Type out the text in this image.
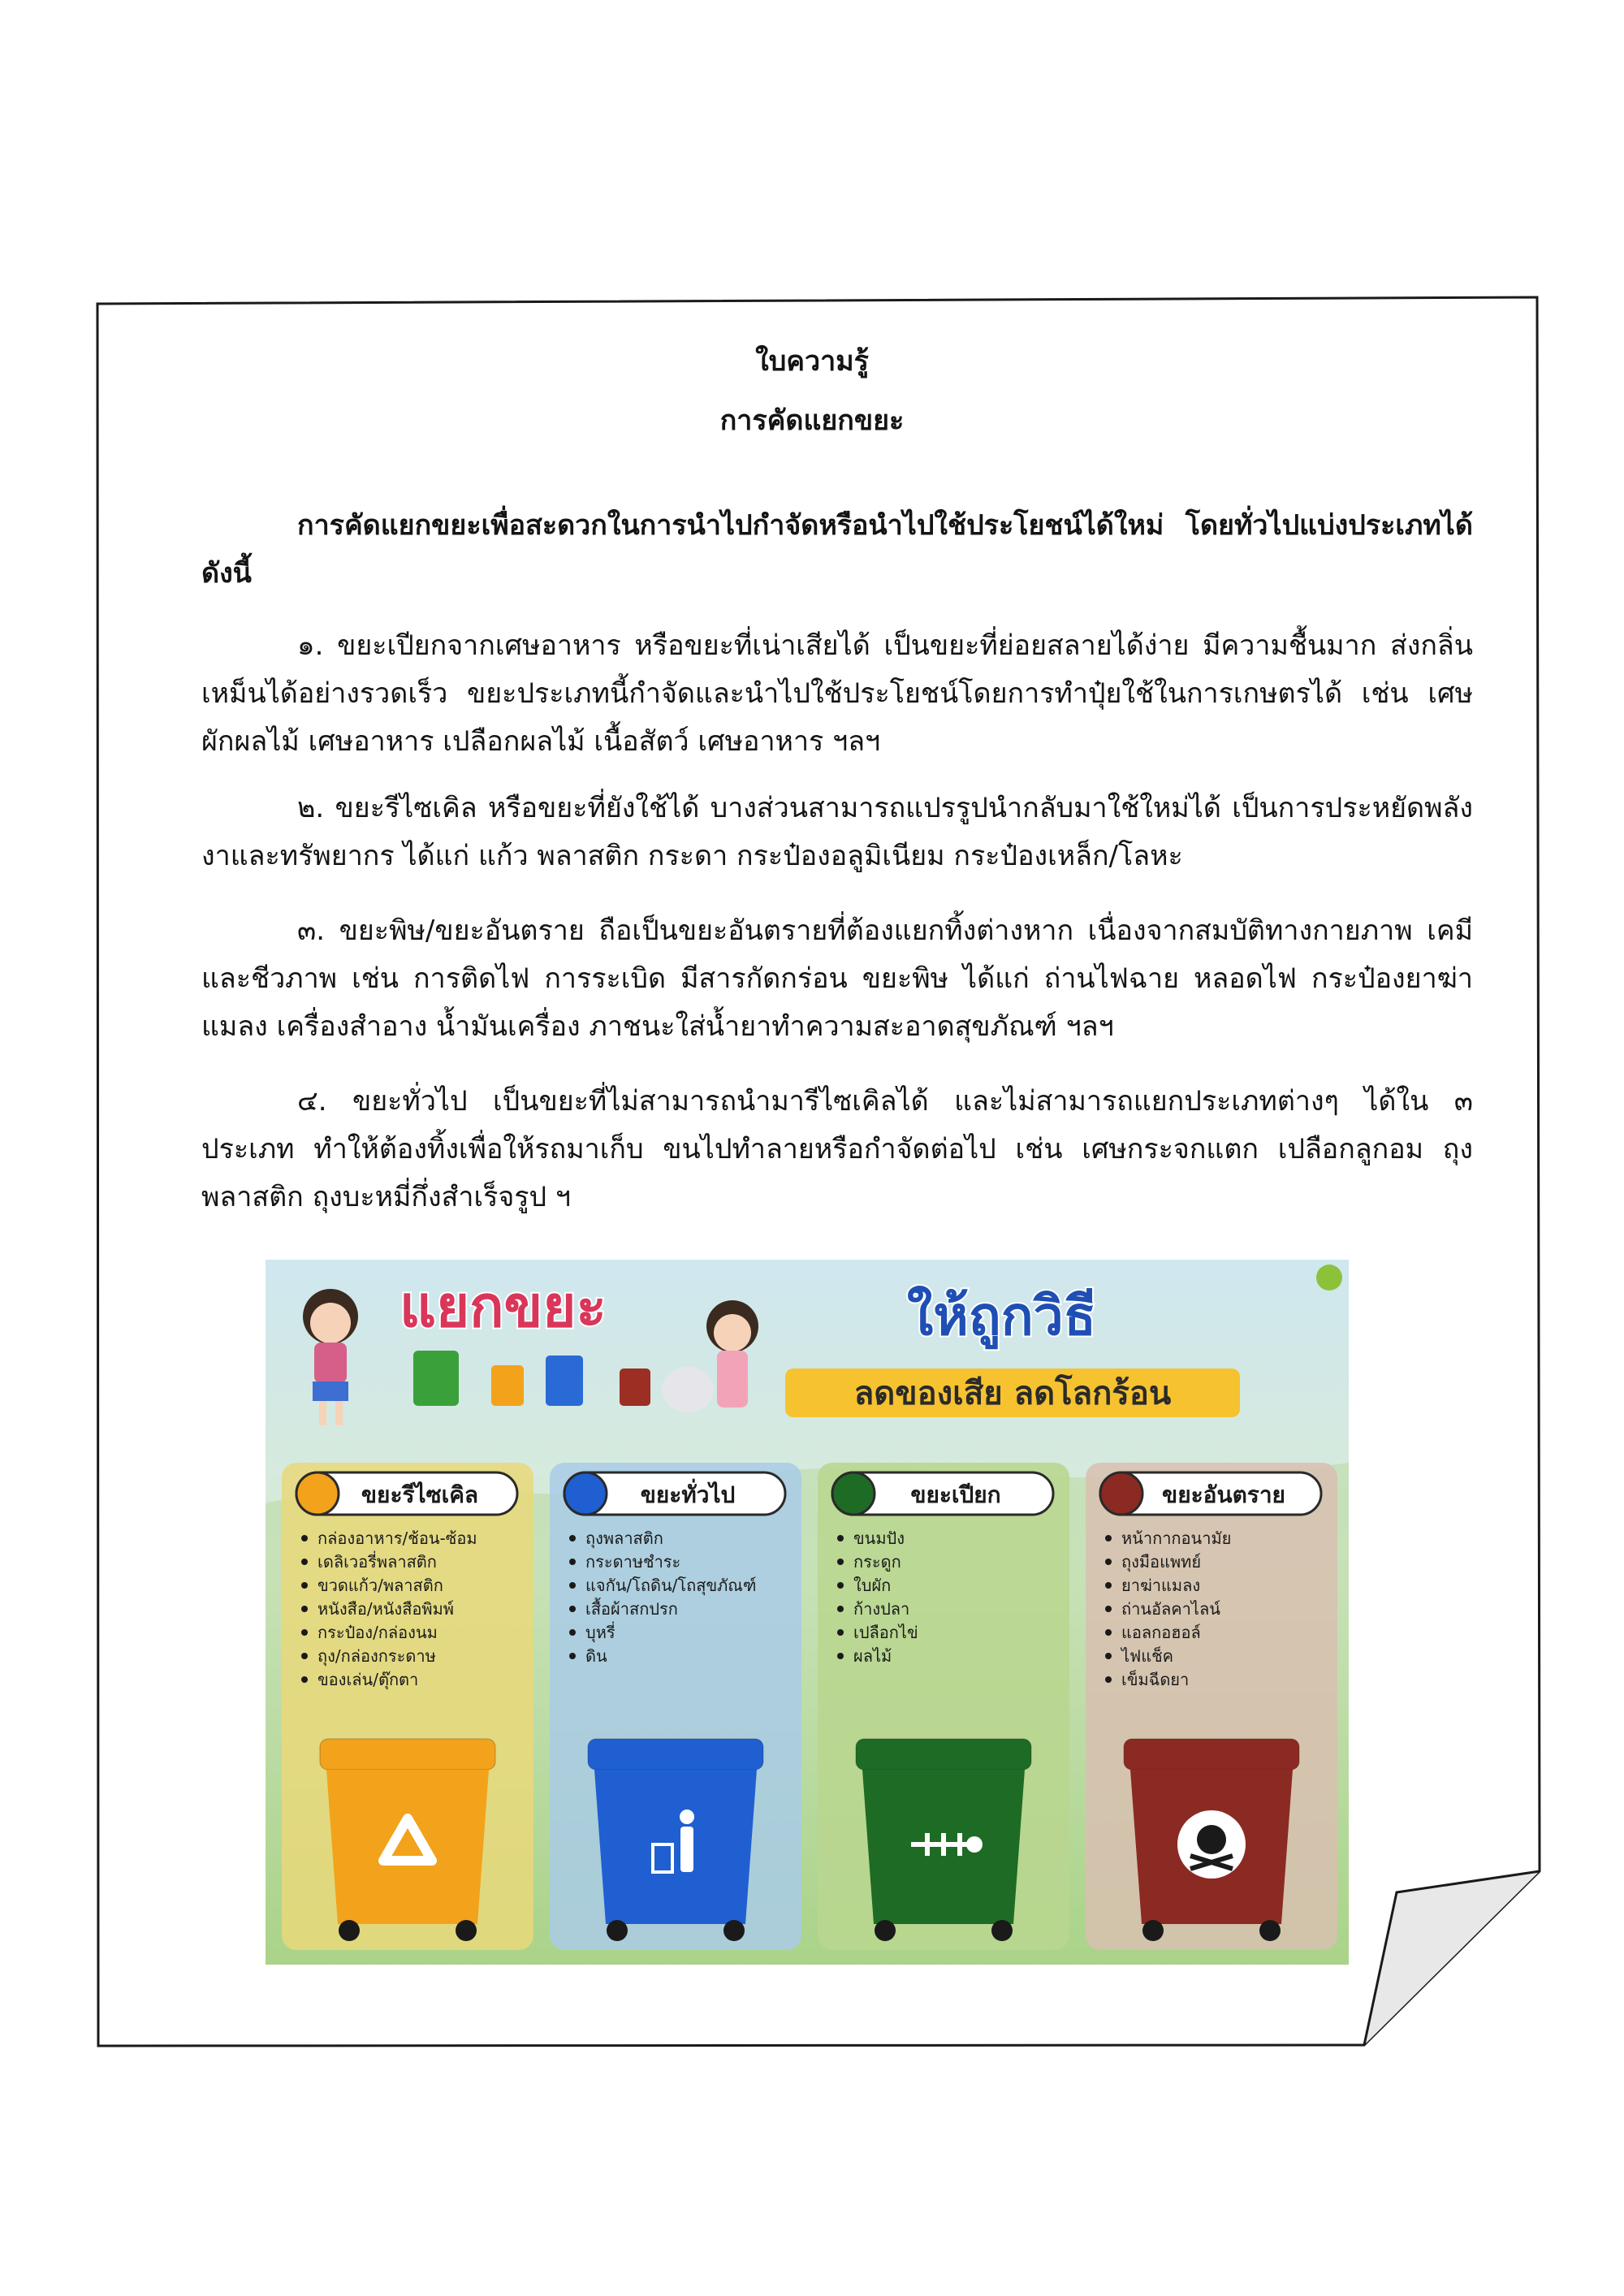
ใบความรู้
การคัดแยกขยะ

การคัดแยกขยะเพื่อสะดวกในการนำไปกำจัดหรือนำไปใช้ประโยชน์ได้ใหม่ โดยทั่วไปแบ่งประเภทได้ดังนี้

๑. ขยะเปียกจากเศษอาหาร หรือขยะที่เน่าเสียได้ เป็นขยะที่ย่อยสลายได้ง่าย มีความชื้นมาก ส่งกลิ่นเหม็นได้อย่างรวดเร็ว ขยะประเภทนี้กำจัดและนำไปใช้ประโยชน์โดยการทำปุ๋ยใช้ในการเกษตรได้ เช่น เศษผักผลไม้ เศษอาหาร เปลือกผลไม้ เนื้อสัตว์ เศษอาหาร ฯลฯ

๒. ขยะรีไซเคิล หรือขยะที่ยังใช้ได้ บางส่วนสามารถแปรรูปนำกลับมาใช้ใหม่ได้ เป็นการประหยัดพลังงาและทรัพยากร ได้แก่ แก้ว พลาสติก กระดา กระป๋องอลูมิเนียม กระป๋องเหล็ก/โลหะ

๓. ขยะพิษ/ขยะอันตราย ถือเป็นขยะอันตรายที่ต้องแยกทิ้งต่างหาก เนื่องจากสมบัติทางกายภาพ เคมีและชีวภาพ เช่น การติดไฟ การระเบิด มีสารกัดกร่อน ขยะพิษ ได้แก่ ถ่านไฟฉาย หลอดไฟ กระป๋องยาฆ่าแมลง เครื่องสำอาง น้ำมันเครื่อง ภาชนะใส่น้ำยาทำความสะอาดสุขภัณฑ์ ฯลฯ

๔. ขยะทั่วไป เป็นขยะที่ไม่สามารถนำมารีไซเคิลได้ และไม่สามารถแยกประเภทต่างๆ ได้ใน ๓ ประเภท ทำให้ต้องทิ้งเพื่อให้รถมาเก็บ ขนไปทำลายหรือกำจัดต่อไป เช่น เศษกระจกแตก เปลือกลูกอม ถุงพลาสติก ถุงบะหมี่กึ่งสำเร็จรูป ฯ

แยกขยะ	ให้ถูกวิธี
ลดของเสีย ลดโลกร้อน
ขยะรีไซเคิล
กล่องอาหาร/ช้อน-ซ้อม
เดลิเวอรี่พลาสติก
ขวดแก้ว/พลาสติก
หนังสือ/หนังสือพิมพ์
กระป๋อง/กล่องนม
ถุง/กล่องกระดาษ
ของเล่น/ตุ๊กตา
ขยะทั่วไป
ถุงพลาสติก
กระดาษชำระ
แจกัน/โถดิน/โถสุขภัณฑ์
เสื้อผ้าสกปรก
บุหรี่
ดิน
ขยะเปียก
ขนมปัง
กระดูก
ใบผัก
ก้างปลา
เปลือกไข่
ผลไม้
ขยะอันตราย
หน้ากากอนามัย
ถุงมือแพทย์
ยาฆ่าแมลง
ถ่านอัลคาไลน์
แอลกอฮอล์
ไฟแช็ค
เข็มฉีดยา
